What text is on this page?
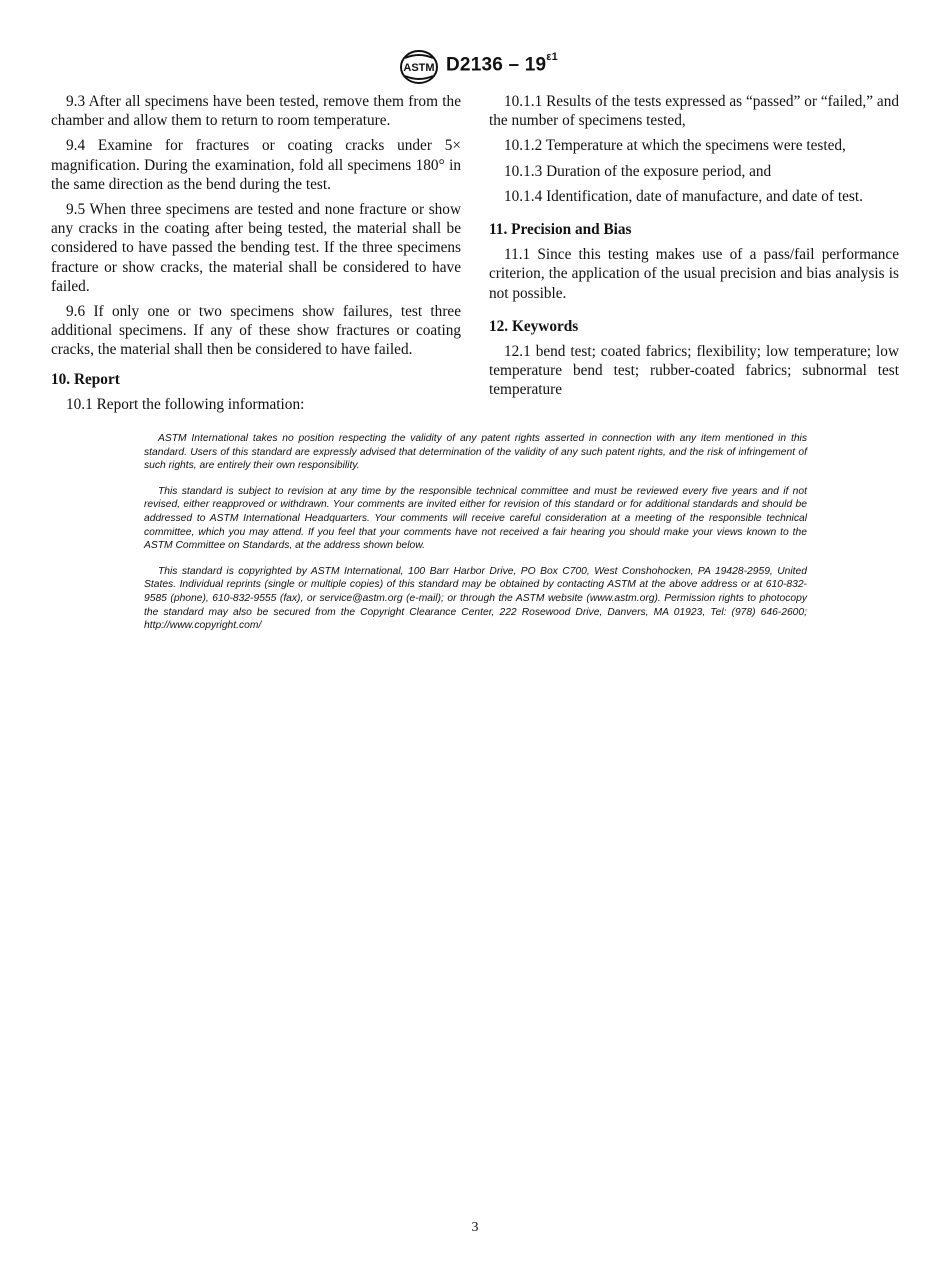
ASTM $D2136 - 19^{\varepsilon 1}$

9.3 After all specimens have been tested, remove them from the chamber and allow them to return to room temperature.

9.4 Examine for fractures or coating cracks under 5× magnification. During the examination, fold all specimens 180° in the same direction as the bend during the test.

9.5 When three specimens are tested and none fracture or show any cracks in the coating after being tested, the material shall be considered to have passed the bending test. If the three specimens fracture or show cracks, the material shall be considered to have failed.

9.6 If only one or two specimens show failures, test three additional specimens. If any of these show fractures or coating cracks, the material shall then be considered to have failed.

10. Report

10.1 Report the following information:

10.1.1 Results of the tests expressed as “passed” or “failed,” and the number of specimens tested,

10.1.2 Temperature at which the specimens were tested,

10.1.3 Duration of the exposure period, and

10.1.4 Identification, date of manufacture, and date of test.

11. Precision and Bias

11.1 Since this testing makes use of a pass/fail performance criterion, the application of the usual precision and bias analysis is not possible.

12. Keywords

12.1 bend test; coated fabrics; flexibility; low temperature; low temperature bend test; rubber-coated fabrics; subnormal test temperature

ASTM International takes no position respecting the validity of any patent rights asserted in connection with any item mentioned in this standard. Users of this standard are expressly advised that determination of the validity of any such patent rights, and the risk of infringement of such rights, are entirely their own responsibility.

This standard is subject to revision at any time by the responsible technical committee and must be reviewed every five years and if not revised, either reapproved or withdrawn. Your comments are invited either for revision of this standard or for additional standards and should be addressed to ASTM International Headquarters. Your comments will receive careful consideration at a meeting of the responsible technical committee, which you may attend. If you feel that your comments have not received a fair hearing you should make your views known to the ASTM Committee on Standards, at the address shown below.

This standard is copyrighted by ASTM International, 100 Barr Harbor Drive, PO Box C700, West Conshohocken, PA 19428-2959, United States. Individual reprints (single or multiple copies) of this standard may be obtained by contacting ASTM at the above address or at 610-832-9585 (phone), 610-832-9555 (fax), or service@astm.org (e-mail); or through the ASTM website (www.astm.org). Permission rights to photocopy the standard may also be secured from the Copyright Clearance Center, 222 Rosewood Drive, Danvers, MA 01923, Tel: (978) 646-2600; http://www.copyright.com/

3
